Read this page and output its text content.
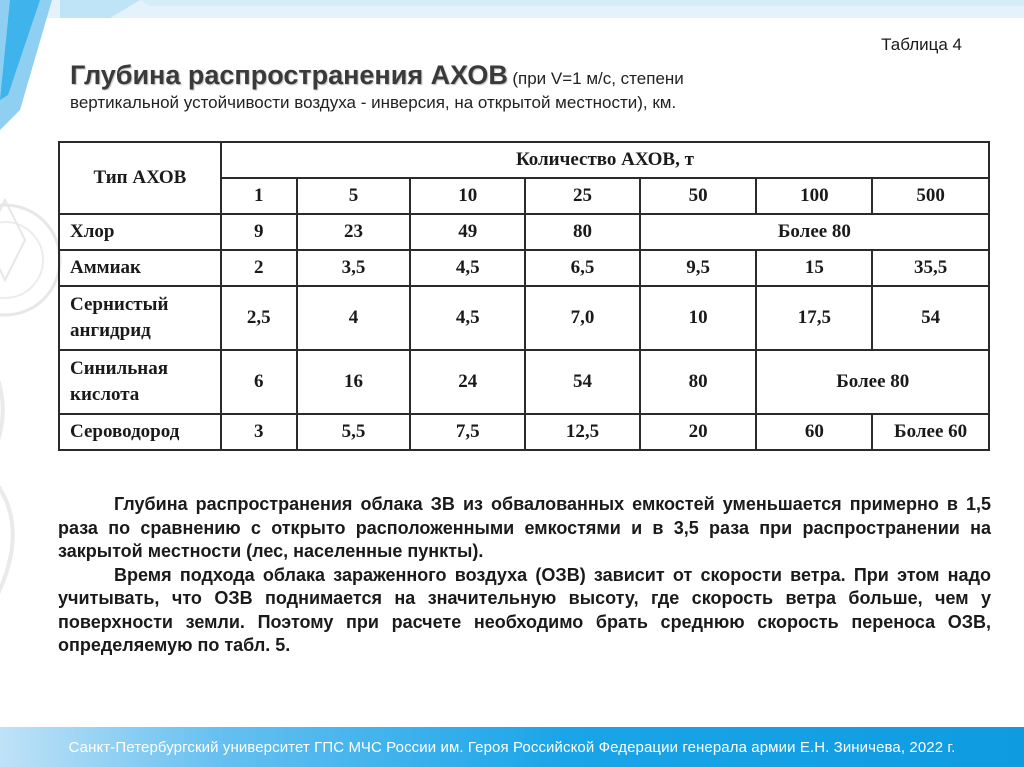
Таблица 4
Глубина распространения АХОВ (при V=1 м/с, степени
вертикальной устойчивости воздуха - инверсия, на открытой местности), км.
Тип АХОВ	Количество АХОВ, т						
	1	5	10	25	50	100	500
Хлор	9	23	49	80	Более 80		
Аммиак	2	3,5	4,5	6,5	9,5	15	35,5
Сернистый
ангидрид	2,5	4	4,5	7,0	10	17,5	54
Синильная
кислота	6	16	24	54	80	Более 80	
Сероводород	3	5,5	7,5	12,5	20	60	Более 60

Глубина распространения облака ЗВ из обвалованных емкостей уменьшается примерно в 1,5 раза по сравнению с открыто расположенными емкостями и в 3,5 раза при распространении на закрытой местности (лес, населенные пункты).

Время подхода облака зараженного воздуха (ОЗВ) зависит от скорости ветра. При этом надо учитывать, что ОЗВ поднимается на значительную высоту, где скорость ветра больше, чем у поверхности земли. Поэтому при расчете необходимо брать среднюю скорость переноса ОЗВ, определяемую по табл. 5.

Санкт-Петербургский университет ГПС МЧС России им. Героя Российской Федерации генерала армии Е.Н. Зиничева, 2022 г.
